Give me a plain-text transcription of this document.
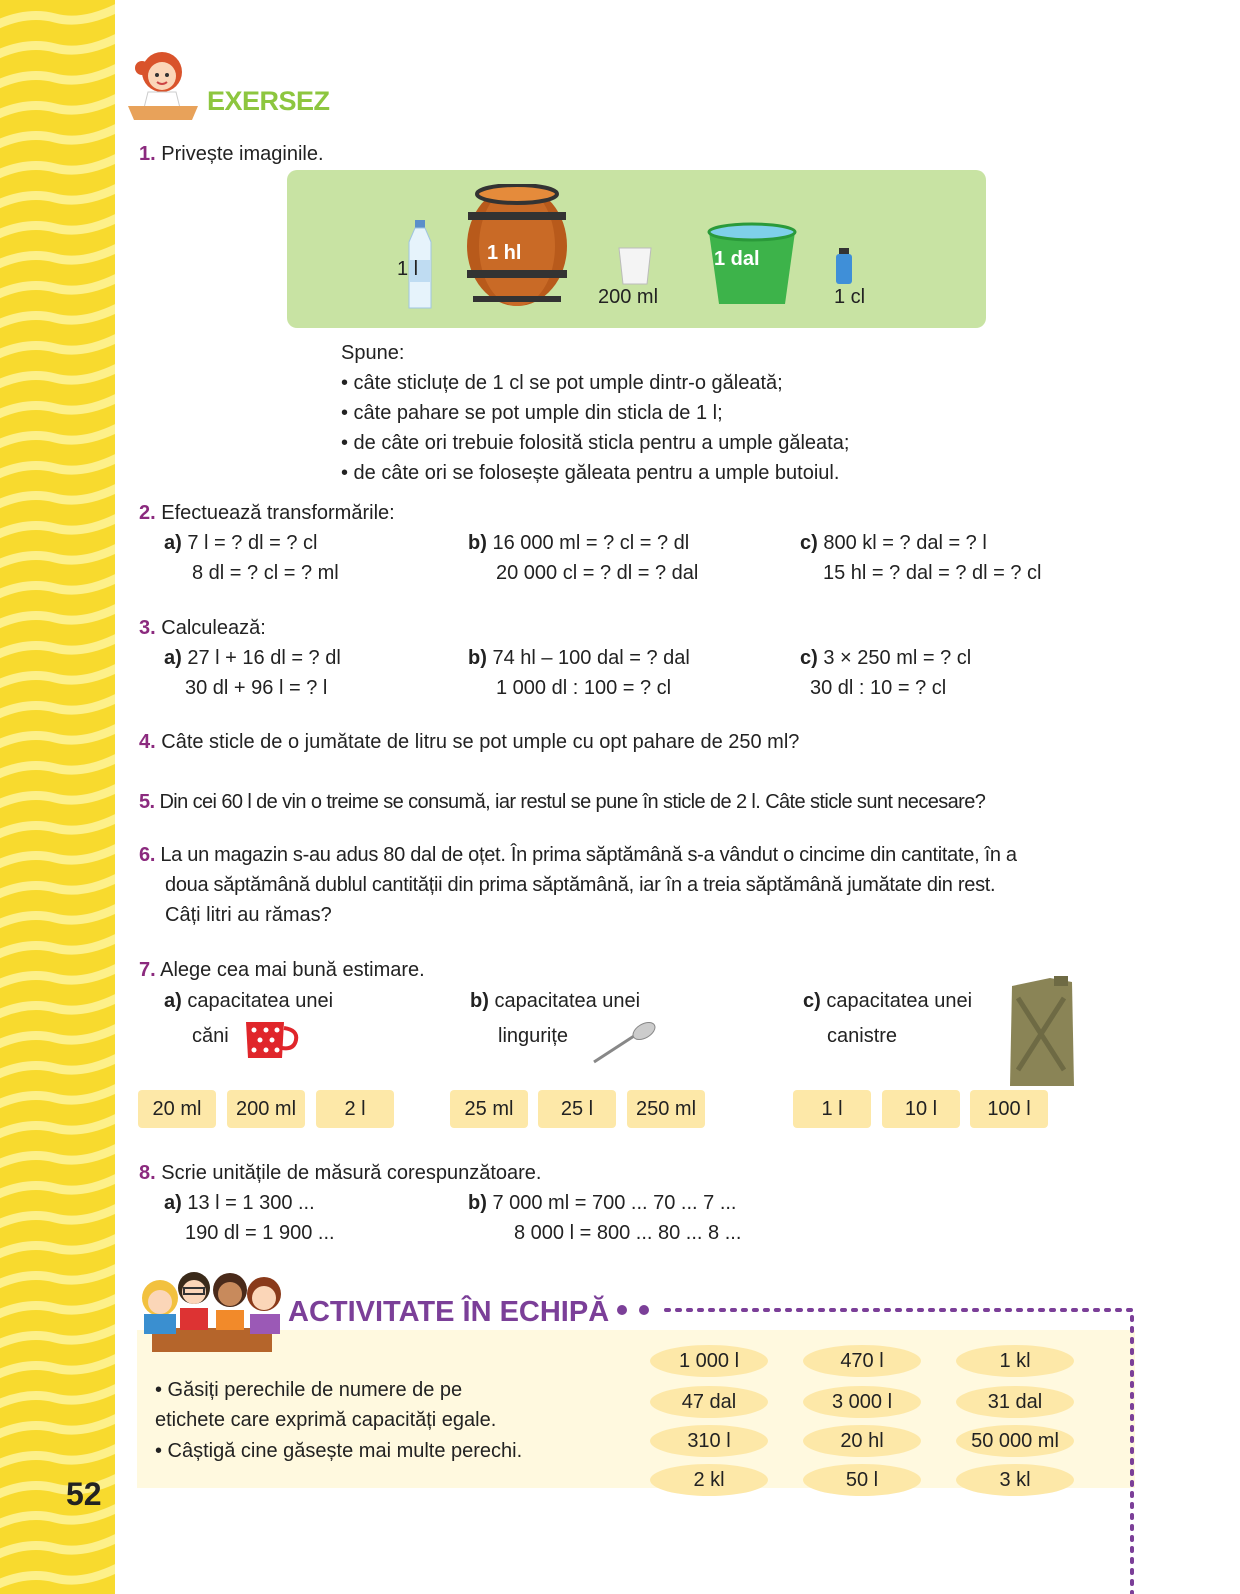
52
EXERSEZ
1. Privește imaginile.
1 l
1 hl
200 ml
1 dal
1 cl
Spune:
• câte sticluțe de 1 cl se pot umple dintr-o găleată;
• câte pahare se pot umple din sticla de 1 l;
• de câte ori trebuie folosită sticla pentru a umple găleata;
• de câte ori se folosește găleata pentru a umple butoiul.
2. Efectuează transformările:
a) 7 l = ? dl = ? cl
8 dl = ? cl = ? ml
b) 16 000 ml = ? cl = ? dl
20 000 cl = ? dl = ? dal
c) 800 kl = ? dal = ? l
15 hl = ? dal = ? dl = ? cl
3. Calculează:
a) 27 l + 16 dl = ? dl
30 dl + 96 l = ? l
b) 74 hl – 100 dal = ? dal
1 000 dl : 100 = ? cl
c) 3 × 250 ml = ? cl
30 dl : 10 = ? cl
4. Câte sticle de o jumătate de litru se pot umple cu opt pahare de 250 ml?
5. Din cei 60 l de vin o treime se consumă, iar restul se pune în sticle de 2 l. Câte sticle sunt necesare?
6. La un magazin s-au adus 80 dal de oțet. În prima săptămână s-a vândut o cincime din cantitate, în a
doua săptămână dublul cantității din prima săptămână, iar în a treia săptămână jumătate din rest.
Câți litri au rămas?
7. Alege cea mai bună estimare.
a) capacitatea unei
căni
b) capacitatea unei
lingurițe
c) capacitatea unei
canistre
20 ml	200 ml	2 l	25 ml	25 l	250 ml	1 l	10 l	100 l
8. Scrie unitățile de măsură corespunzătoare.
a) 13 l = 1 300 ...
190 dl = 1 900 ...
b) 7 000 ml = 700 ... 70 ... 7 ...
8 000 l = 800 ... 80 ... 8 ...
ACTIVITATE ÎN ECHIPĂ
• Găsiți perechile de numere de pe
etichete care exprimă capacități egale.
• Câștigă cine găsește mai multe perechi.
1 000 l	470 l	1 kl
47 dal	3 000 l	31 dal
310 l	20 hl	50 000 ml
2 kl	50 l	3 kl
